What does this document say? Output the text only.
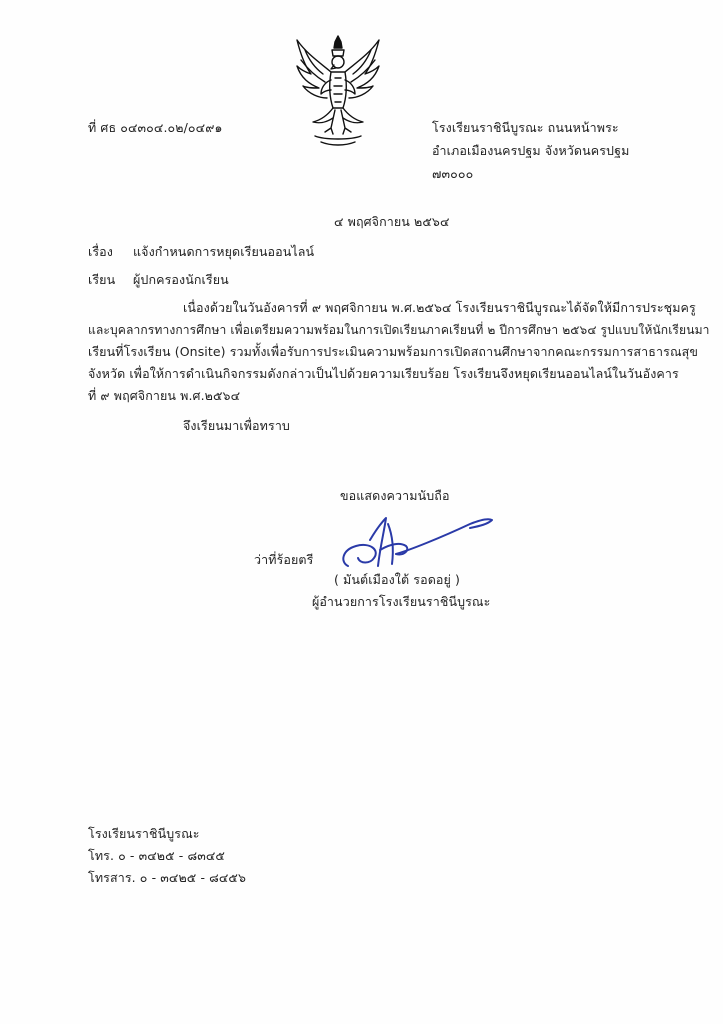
ที่ ศธ ๐๔๓๐๔.๐๒/๐๔๙๑	โรงเรียนราชินีบูรณะ ถนนหน้าพระ
อำเภอเมืองนครปฐม จังหวัดนครปฐม
๗๓๐๐๐
๔ พฤศจิกายน ๒๕๖๔
เรื่อง แจ้งกำหนดการหยุดเรียนออนไลน์
เรียน ผู้ปกครองนักเรียน
เนื่องด้วยในวันอังคารที่ ๙ พฤศจิกายน พ.ศ.๒๕๖๔ โรงเรียนราชินีบูรณะได้จัดให้มีการประชุมครู
และบุคลากรทางการศึกษา เพื่อเตรียมความพร้อมในการเปิดเรียนภาคเรียนที่ ๒ ปีการศึกษา ๒๕๖๔ รูปแบบให้นักเรียนมา
เรียนที่โรงเรียน (Onsite) รวมทั้งเพื่อรับการประเมินความพร้อมการเปิดสถานศึกษาจากคณะกรรมการสาธารณสุข
จังหวัด เพื่อให้การดำเนินกิจกรรมดังกล่าวเป็นไปด้วยความเรียบร้อย โรงเรียนจึงหยุดเรียนออนไลน์ในวันอังคาร
ที่ ๙ พฤศจิกายน พ.ศ.๒๕๖๔
จึงเรียนมาเพื่อทราบ
ขอแสดงความนับถือ
ว่าที่ร้อยตรี
( มันต์เมืองใต้ รอดอยู่ )
ผู้อำนวยการโรงเรียนราชินีบูรณะ
โรงเรียนราชินีบูรณะ
โทร. ๐ - ๓๔๒๕ - ๘๓๔๕
โทรสาร. ๐ - ๓๔๒๕ - ๘๔๕๖
